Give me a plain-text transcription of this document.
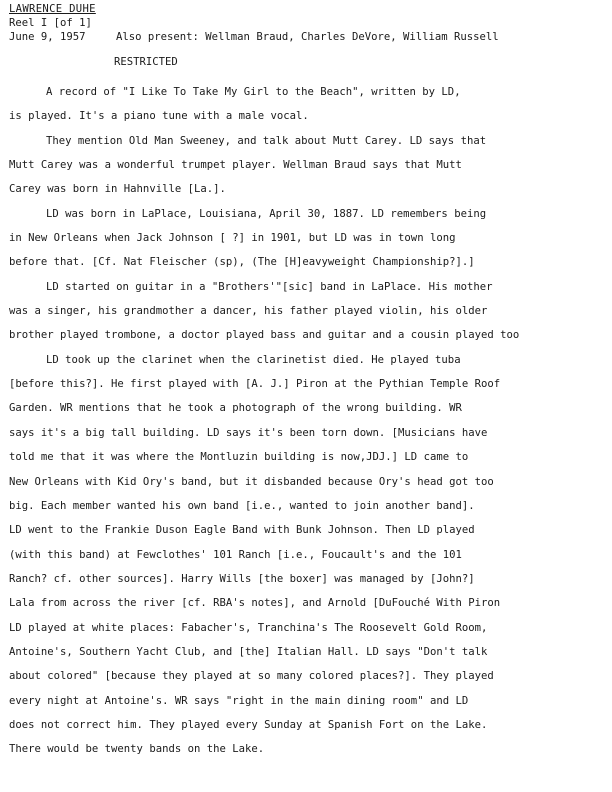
LAWRENCE DUHE
Reel I [of 1]
June 9, 1957	Also present: Wellman Braud, Charles DeVore, William Russell
RESTRICTED
A record of "I Like To Take My Girl to the Beach", written by LD,
is played. It's a piano tune with a male vocal.
They mention Old Man Sweeney, and talk about Mutt Carey. LD says that
Mutt Carey was a wonderful trumpet player. Wellman Braud says that Mutt
Carey was born in Hahnville [La.].
LD was born in LaPlace, Louisiana, April 30, 1887. LD remembers being
in New Orleans when Jack Johnson [ ?] in 1901, but LD was in town long
before that. [Cf. Nat Fleischer (sp), (The [H]eavyweight Championship?].]
LD started on guitar in a "Brothers'"[sic] band in LaPlace. His mother
was a singer, his grandmother a dancer, his father played violin, his older
brother played trombone, a doctor played bass and guitar and a cousin played too
LD took up the clarinet when the clarinetist died. He played tuba
[before this?]. He first played with [A. J.] Piron at the Pythian Temple Roof
Garden. WR mentions that he took a photograph of the wrong building. WR
says it's a big tall building. LD says it's been torn down. [Musicians have
told me that it was where the Montluzin building is now,JDJ.] LD came to
New Orleans with Kid Ory's band, but it disbanded because Ory's head got too
big. Each member wanted his own band [i.e., wanted to join another band].
LD went to the Frankie Duson Eagle Band with Bunk Johnson. Then LD played
(with this band) at Fewclothes' 101 Ranch [i.e., Foucault's and the 101
Ranch? cf. other sources]. Harry Wills [the boxer] was managed by [John?]
Lala from across the river [cf. RBA's notes], and Arnold [DuFouché With Piron
LD played at white places: Fabacher's, Tranchina's The Roosevelt Gold Room,
Antoine's, Southern Yacht Club, and [the] Italian Hall. LD says "Don't talk
about colored" [because they played at so many colored places?]. They played
every night at Antoine's. WR says "right in the main dining room" and LD
does not correct him. They played every Sunday at Spanish Fort on the Lake.
There would be twenty bands on the Lake.
